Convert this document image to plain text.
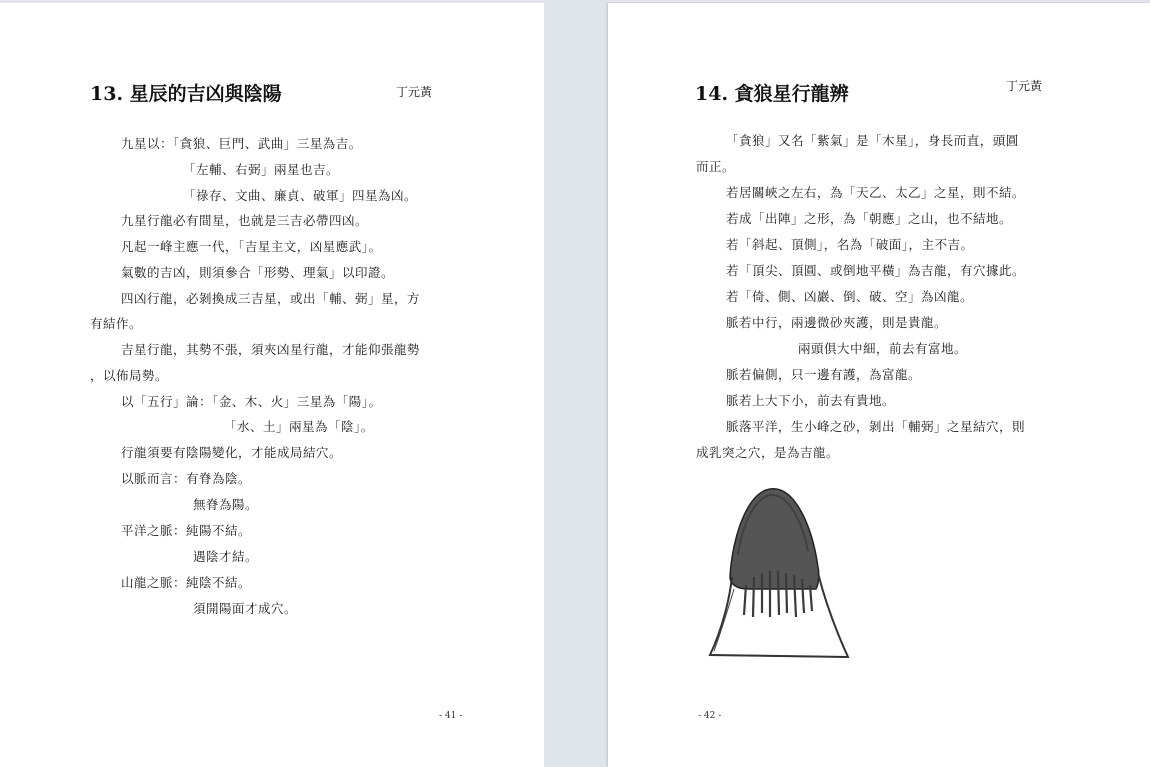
13. 星辰的吉凶與陰陽	丁元黃
九星以：「貪狼、巨門、武曲」三星為吉。
「左輔、右弼」兩星也吉。
「祿存、文曲、廉貞、破軍」四星為凶。
九星行龍必有間星，也就是三吉必帶四凶。
凡起一峰主應一代，「吉星主文，凶星應武」。
氣數的吉凶，則須參合「形勢、理氣」以印證。
四凶行龍，必剝換成三吉星，或出「輔、弼」星，方
有結作。
吉星行龍，其勢不張，須夾凶星行龍，才能仰張龍勢
，以佈局勢。
以「五行」論：「金、木、火」三星為「陽」。
「水、土」兩星為「陰」。
行龍須要有陰陽變化，才能成局結穴。
以脈而言：有脊為陰。
無脊為陽。
平洋之脈：純陽不結。
遇陰才結。
山龍之脈：純陰不結。
須開陽面才成穴。
- 41 -
14. 貪狼星行龍辨	丁元黃
「貪狼」又名「紫氣」是「木星」，身長而直，頭圓
而正。
若居關峽之左右，為「天乙、太乙」之星，則不結。
若成「出陣」之形，為「朝應」之山，也不結地。
若「斜起、頂側」，名為「破面」，主不吉。
若「頂尖、頂圓、或倒地平橫」為吉龍，有穴據此。
若「倚、側、凶巖、倒、破、空」為凶龍。
脈若中行，兩邊微砂夾護，則是貴龍。
兩頭俱大中細，前去有富地。
脈若偏側，只一邊有護，為富龍。
脈若上大下小，前去有貴地。
脈落平洋，生小峰之砂，剝出「輔弼」之星結穴，則
成乳突之穴，是為吉龍。
- 42 -
